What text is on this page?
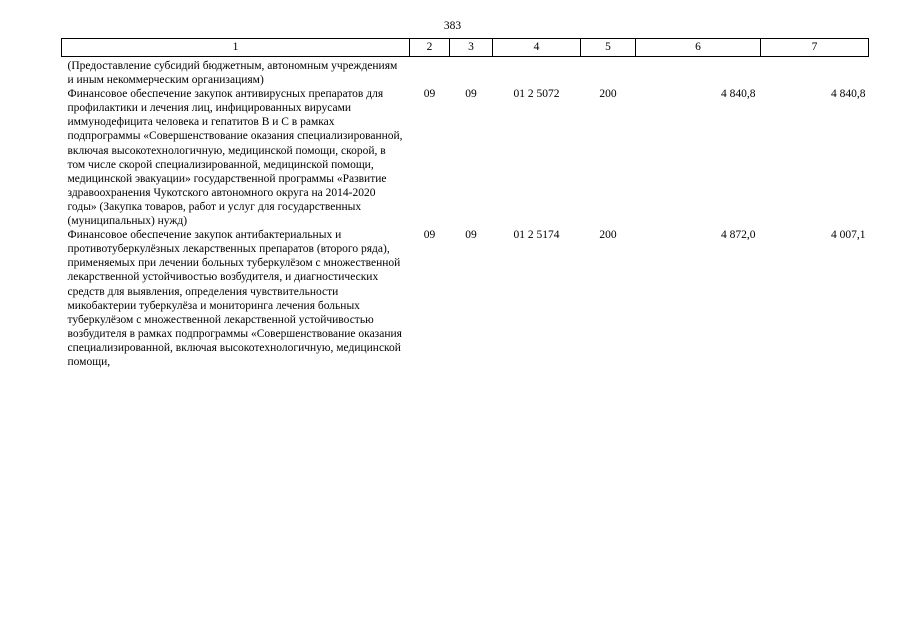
383
1	2	3	4	5	6	7
(Предоставление субсидий бюджетным, автономным учреждениям и иным некоммерческим организациям)						
Финансовое обеспечение закупок антивирусных препаратов для профилактики и лечения лиц, инфицированных вирусами иммунодефицита человека и гепатитов В и С в рамках подпрограммы «Совершенствование оказания специализированной, включая высокотехнологичную, медицинской помощи, скорой, в том числе скорой специализированной, медицинской помощи, медицинской эвакуации» государственной программы «Развитие здравоохранения Чукотского автономного округа на 2014-2020 годы» (Закупка товаров, работ и услуг для государственных (муниципальных) нужд)	09	09	01 2 5072	200	4 840,8	4 840,8
Финансовое обеспечение закупок антибактериальных и противотуберкулёзных лекарственных препаратов (второго ряда), применяемых при лечении больных туберкулёзом с множественной лекарственной устойчивостью возбудителя, и диагностических средств для выявления, определения чувствительности микобактерии туберкулёза и мониторинга лечения больных туберкулёзом с множественной лекарственной устойчивостью возбудителя в рамках подпрограммы «Совершенствование оказания специализированной, включая высокотехнологичную, медицинской помощи,	09	09	01 2 5174	200	4 872,0	4 007,1
